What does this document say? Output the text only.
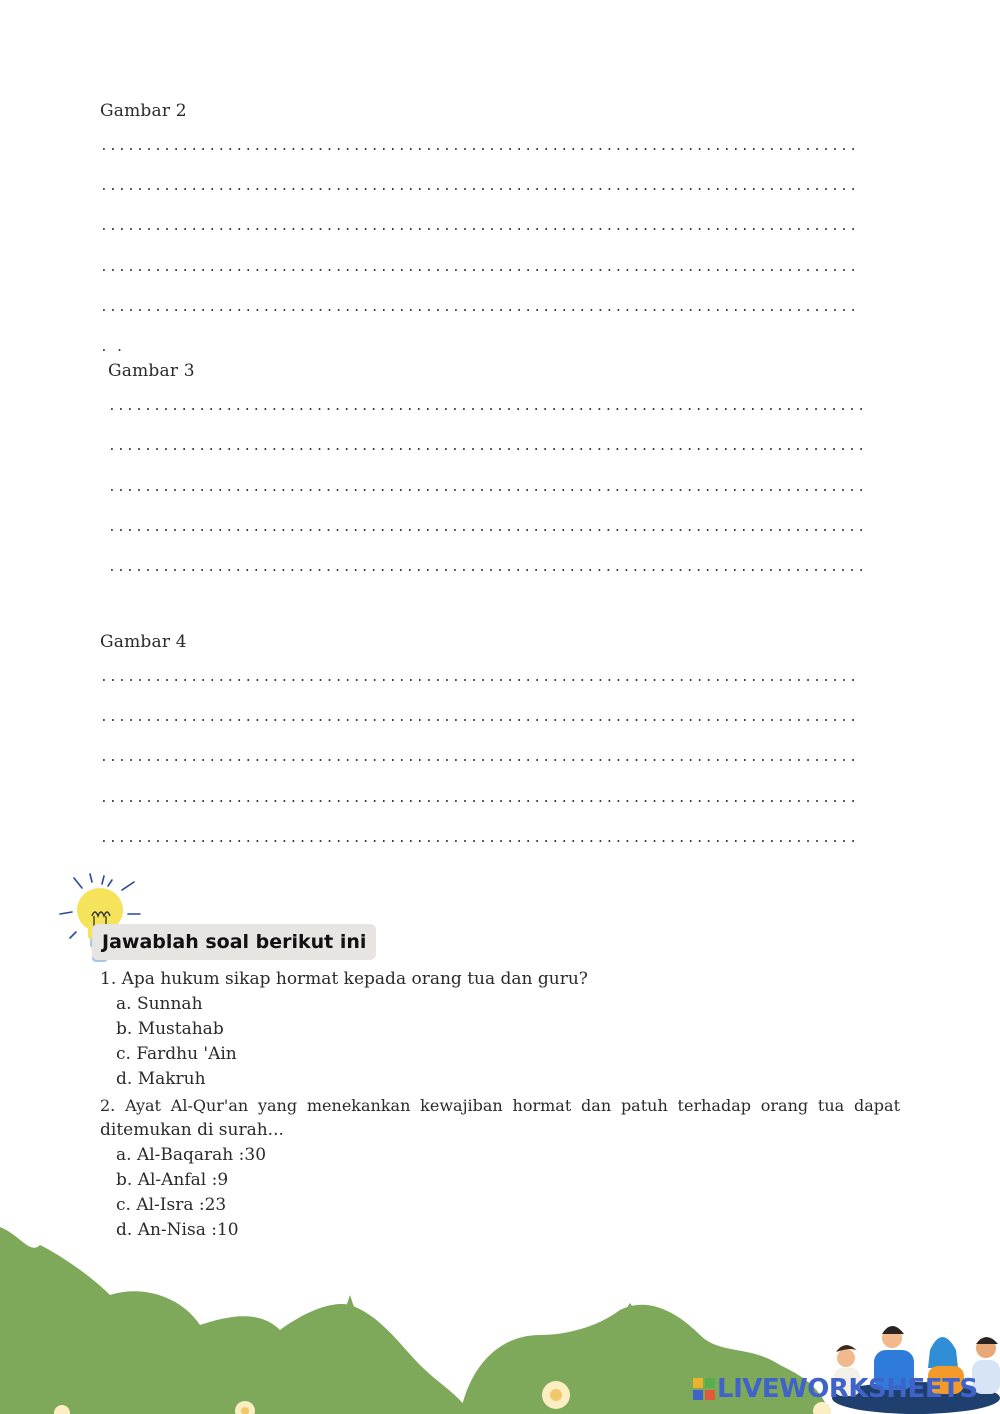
Gambar 2
....................................................................................
....................................................................................
....................................................................................
....................................................................................
....................................................................................
. .
Gambar 3
....................................................................................
....................................................................................
....................................................................................
....................................................................................
....................................................................................
Gambar 4
....................................................................................
....................................................................................
....................................................................................
....................................................................................
....................................................................................
Jawablah soal berikut ini
1. Apa hukum sikap hormat kepada orang tua dan guru?
a. Sunnah
b. Mustahab
c. Fardhu 'Ain
d. Makruh
2. Ayat Al-Qur'an yang menekankan kewajiban hormat dan patuh terhadap orang tua dapat
ditemukan di surah...
a. Al-Baqarah :30
b. Al-Anfal :9
c. Al-Isra :23
d. An-Nisa :10
LIVEWORKSHEETS
